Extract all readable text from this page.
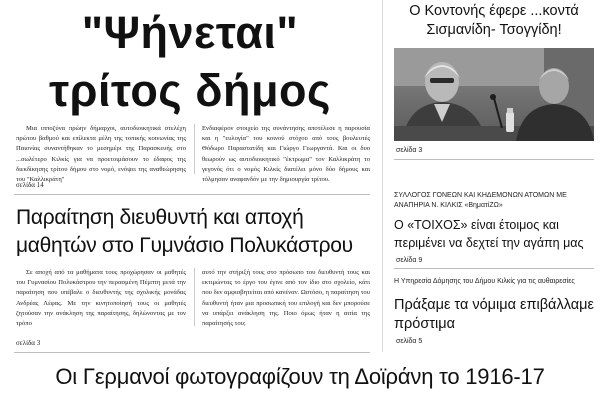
"Ψήνεται"
τρίτος δήμος
Μια ιπποζύνα πρώην δήμαρχοι, αυτοδιοικητικά στελέχη πρώτου βαθμού και επίλεκτα μέλη της τοπικής κοινωνίας της Παιονίας συναντήθηκαν το μεσημέρι της Παρασκευής στο ...σωλέτερο Κιλκίς για να προετοιμάσουν το έδαφος της διεκδίκησης τρίτου δήμου στο νομό, ενόψει της αναθεώρησης του "Καλλικράτη"
Ενδιαφέρον στοιχείο της συνάντησης αποτέλεσε η παρουσία και η "ευλογία" του κοινού στόχου από τους βουλευτές Θόδωρο Παραστατίδη και Γιώργο Γεωργαντά. Και οι δυο θεωρούν ως αυτοδιοικητικό "έκτρωμα" τον Καλλικράτη το γεγονός ότι ο νομός Κιλκίς διατέλει μόνο δύο δήμους και τόλμησαν αναφανδόν με την δημιουργία τρίτου.
σελίδα 14
Παραίτηση διευθυντή και αποχή μαθητών στο Γυμνάσιο Πολυκάστρου
Σε αποχή από τα μαθήματα τους προχώρησαν οι μαθητές του Γυμνασίου Πολυκάστρου την περασμένη Πέμπτη μετά την παραίτηση που υπέβαλε ο διευθυντής της σχολικής μονάδας Ανδρέας Λέφας. Με την κινητοποίησή τους οι μαθητές ζητούσαν την ανάκληση της παραίτησης, δηλώνοντας με τον τρόπο
αυτό την στήριξή τους στο πρόσωπο του διευθυντή τους και εκτιμώντας το έργο του έγινε από τον ίδιο στο σχολείο, κάτι που δεν αμφισβητείται από κανέναν. Ωστόσο, η παραίτηση του διευθυντή ήταν μια προσωπική του επιλογή και δεν μπορούσε να υπάρξει ανάκληση της. Ποιο όμως ήταν η αιτία της παραίτησής του;
σελίδα 3
Ο Κοντονής έφερε ...κοντά Σισμανίδη- Τσογγίδη!
σελίδα 3
ΣΥΛΛΟΓΟΣ ΓΟΝΕΩΝ ΚΑΙ ΚΗΔΕΜΟΝΩΝ ΑΤΟΜΩΝ ΜΕ ΑΝΑΠΗΡΙΑ Ν. ΚΙΛΚΙΣ «ΒηματίΖΩ»
Ο «ΤΟΙΧΟΣ» είναι έτοιμος και περιμένει να δεχτεί την αγάπη μας
σελίδα 9
Η Υπηρεσία Δόμησης του Δήμου Κιλκίς για τις αυθαιρεσίες
Πράξαμε τα νόμιμα επιβάλλαμε πρόστιμα
σελίδα 5
Οι Γερμανοί φωτογραφίζουν τη Δοϊράνη το 1916-17
